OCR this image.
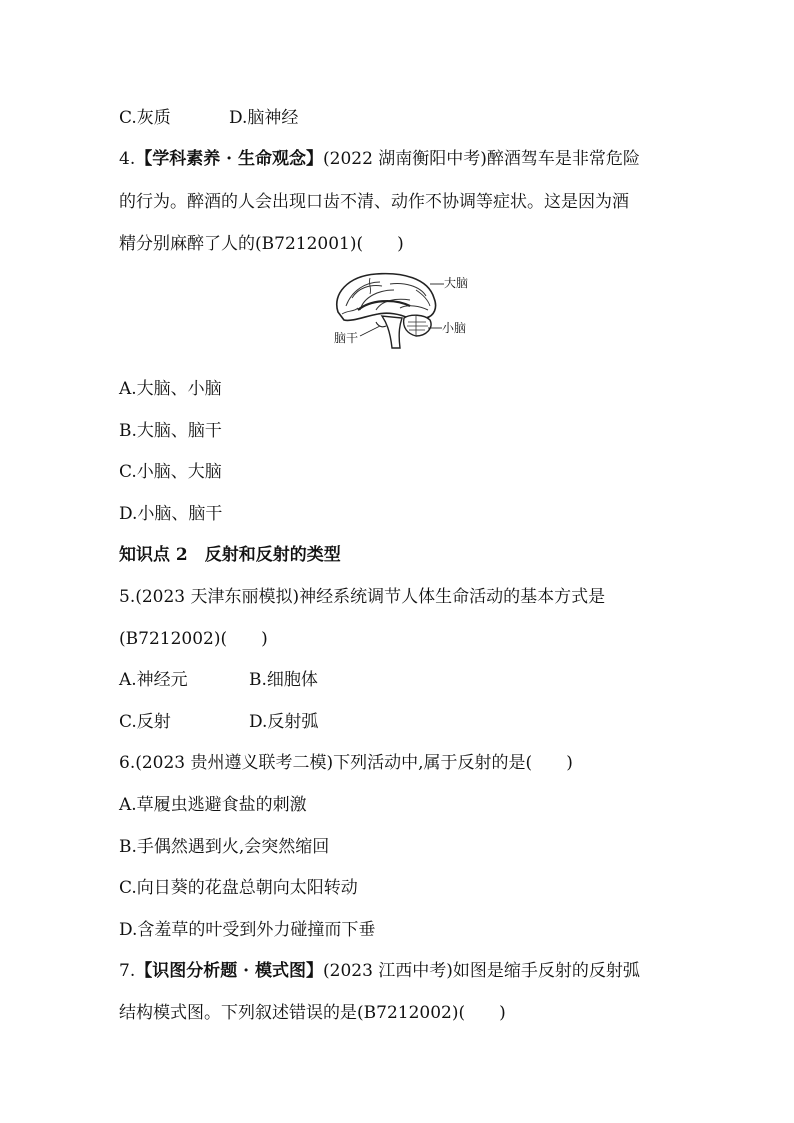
C.灰质	D.脑神经
4.【学科素养 · 生命观念】(2022 湖南衡阳中考)醉酒驾车是非常危险
的行为。醉酒的人会出现口齿不清、动作不协调等症状。这是因为酒
精分别麻醉了人的(B7212001)( )
大脑
小脑
脑干
A.大脑、小脑
B.大脑、脑干
C.小脑、大脑
D.小脑、脑干
知识点 2　反射和反射的类型
5.(2023 天津东丽模拟)神经系统调节人体生命活动的基本方式是
(B7212002)( )
A.神经元	B.细胞体
C.反射	D.反射弧
6.(2023 贵州遵义联考二模)下列活动中,属于反射的是( )
A.草履虫逃避食盐的刺激
B.手偶然遇到火,会突然缩回
C.向日葵的花盘总朝向太阳转动
D.含羞草的叶受到外力碰撞而下垂
7.【识图分析题 · 模式图】(2023 江西中考)如图是缩手反射的反射弧
结构模式图。下列叙述错误的是(B7212002)( )
